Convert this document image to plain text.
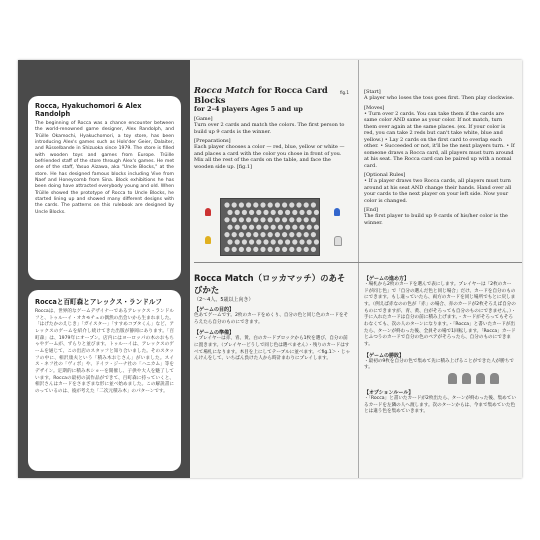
Rocca, Hyakuchomori & Alex Randolph

The beginning of Rocca was a chance encounter between the world-renowned game designer, Alex Randolph, and Trüille Okamochi, Hyakuchomori, a toy store, has been introducing Alex's games such as Hols'der Geier, Dalaiter, and Rüsselbande in Shizuoka since 1979. The store is filled with wooden toys and games from Europe. Trüille befriended staff of the store through Alex's games. He met one of the staff, Yasuo Aizawa, aka "Uncle Blocks," at the store. He has designed famous blocks including Vive from Naef and Honeycomb from Sina. Block exhibitions he has been doing have attracted everybody young and old. When Trüille showed the prototype of Rocca to Uncle Blocks, he started lining up and showed many different designs with the cards. The patterns on this rulebook are designed by Uncle Blocks.

Roccaと百町森とアレックス・ランドルフ

Roccaは、世界的なゲームデザイナーであるアレックス・ランドルフと、トゥルーイ・オカモチェの偶然の出会いから生まれました。「はげたかのえじき」「ガイスター」「すすめコブタくん」など、アレックスのゲームを紹介し続けてきた出版が静岡にあります。「百町森」は、1979年にオープン。店内にはヨーロッパの木のおもちゃやゲームが、ずらりと並びます。トゥルーイは、アレックスのゲームを通じて、この出店のスタッフと知り合いました。そのスタッフの中に、相沢康夫という「積み木おじさん」がいました。スイス・ネフ社の「ヴィボ」や、ドイツ・ジーナ社の「ハニカム」等をデザイン。定期的に積み木ショーを開催し、子供や大人を魅了しています。Roccaの最初の試作品ができて、百町森に持っていくと、相沢さんはカードをさまざまな形に並べ始めました。この解説書にのっているのは、彼が考えた「二次元積み木」のパターンです。

Rocca Match for Rocca Card Blocks
for 2–4 players Ages 5 and up
[Game]
Turn over 2 cards and match the colors. The first person to build up 9 cards is the winner.
[Preparations]
Each player chooses a color — red, blue, yellow or white —and places a card with the color you chose in front of you. Mix all the rest of the cards on the table, and face the wooden side up. [fig.1]
fig.1	[Start]
A player who loses the toss goes first. Then play clockwise.
[Moves]
• Turn over 2 cards. You can take them if the cards are same color AND same as your color. If not match, turn them over again at the same places. (ex. If your color is red, you can take 2 reds but can't take white, blue and yellow.) • Lay 2 cards on the first card to overlap each other. • Succeeded or not, it'll be the next players turn. • If someone draws a Rocca card, all players must turn around at his seat. The Rocca card can be paired up with a nomal card.
[Optional Rules]
• If a player draws two Rocca cards, all players must turn around at his seat AND change their hands. Hand over all your cards to the next player on your left side. Now your color is changed.
[End]
The first player to build up 9 cards of his/her color is the winner.
Rocca Match（ロッカマッチ）のあそびかた
（2〜4人、5歳以上向き）
【ゲームの目的】
色あてゲームです。2枚のカードをめくり、自分の色と同じ色のカードをそろえたら自分のものにできます。
【ゲームの準備】
・プレイヤーは赤、青、黄、白のカードブロックから1枚を選び、自分の前に置きます。（プレイヤーどうしで同じ色は選べません）・残りのカードはすべて場札になります。木目を上にしてテーブルに並べます。＜fig.1＞・じゃんけんをして、いちばん負けた人から時計まわりにプレイします。
【ゲームの進め方】
・場札から2枚のカードを選んで表にします。プレイヤーは「2枚のカードが同じ色」で「自分の選んだ色と同じ場合」だけ、カードを自分のものにできます。もし違っていたら、両方のカードを同じ場所でもとに戻します。（例えば赤なのの色が「赤」の場合、赤のカードが2枚そろえば自分のものにできますが、青、黄、白がそろっても自分のものにできません。）・手に入れたカードは自分の前に積み上げます。・カードがそろってもそろわなくても、次の人のターンになります。・「Rocca」と書いたカードが出たら、ターンが終わった後、全員その場で1回転します。「Rocca」カードとふつうのカードで自分の色のペアがそろったら、自分のものにできます。
【ゲームの勝敗】
・最初の9枚を自分の色で集めて先に積み上げることができた人が勝ちです。
【オプションルール】
・「Rocca」と書いたカードが2枚出たら、ターンが終わった後、集めているカードを左隣の人へ渡します。次のターンからは、今まで集めていた色とは違う色を集めていきます。
